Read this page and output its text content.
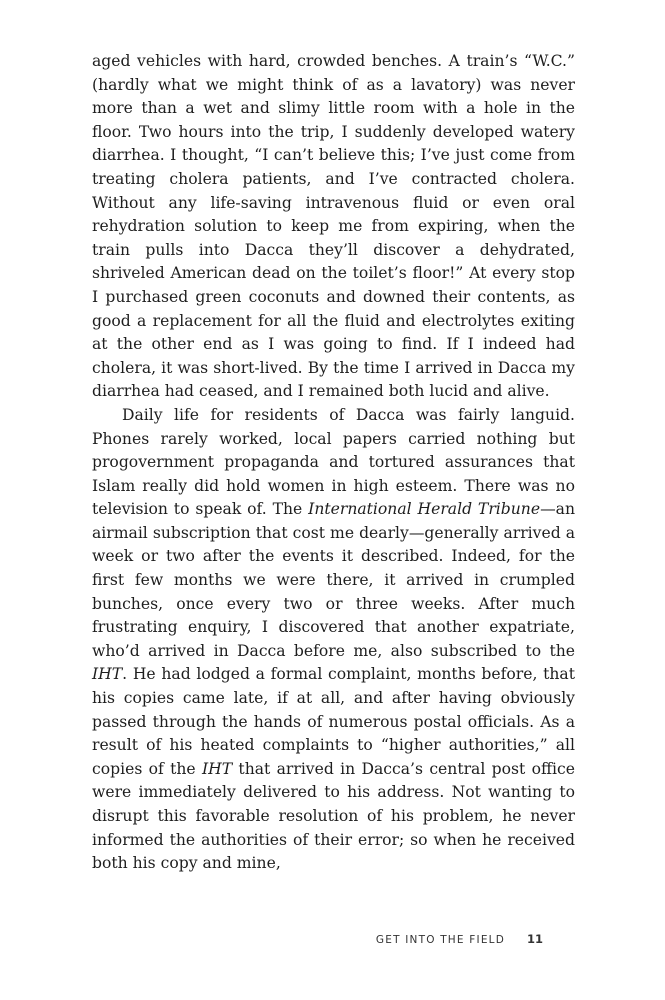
aged vehicles with hard, crowded benches. A train’s “W.C.” (hardly what we might think of as a lavatory) was never more than a wet and slimy little room with a hole in the floor. Two hours into the trip, I suddenly developed watery diarrhea. I thought, “I can’t believe this; I’ve just come from treating cholera patients, and I’ve contracted cholera. Without any life-saving intravenous fluid or even oral rehydration solution to keep me from expiring, when the train pulls into Dacca they’ll discover a dehydrated, shriveled American dead on the toilet’s floor!” At every stop I purchased green coconuts and downed their contents, as good a replacement for all the fluid and electrolytes exiting at the other end as I was going to find. If I indeed had cholera, it was short-lived. By the time I arrived in Dacca my diarrhea had ceased, and I remained both lucid and alive.

Daily life for residents of Dacca was fairly languid. Phones rarely worked, local papers carried nothing but progovernment propaganda and tortured assurances that Islam really did hold women in high esteem. There was no television to speak of. The International Herald Tribune—an airmail subscription that cost me dearly—generally arrived a week or two after the events it described. Indeed, for the first few months we were there, it arrived in crumpled bunches, once every two or three weeks. After much frustrating enquiry, I discovered that another expatriate, who’d arrived in Dacca before me, also subscribed to the IHT. He had lodged a formal complaint, months before, that his copies came late, if at all, and after having obviously passed through the hands of numerous postal officials. As a result of his heated complaints to “higher authorities,” all copies of the IHT that arrived in Dacca’s central post office were immediately delivered to his address. Not wanting to disrupt this favorable resolution of his problem, he never informed the authorities of their error; so when he received both his copy and mine,

GET INTO THE FIELD 11
